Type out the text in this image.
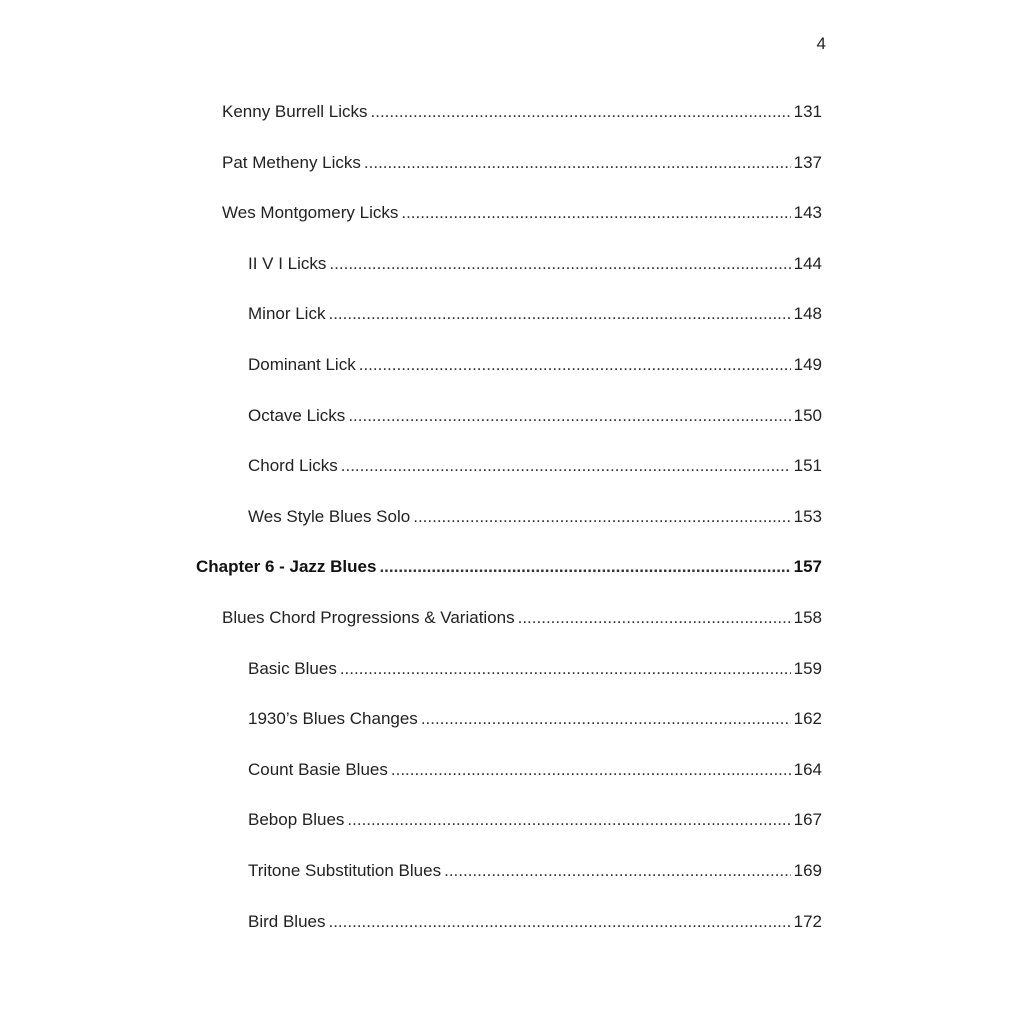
4
Kenny Burrell Licks .....	131
Pat Metheny Licks .....	137
Wes Montgomery Licks .....	143
II V I Licks .....	144
Minor Lick .....	148
Dominant Lick .....	149
Octave Licks .....	150
Chord Licks .....	151
Wes Style Blues Solo .....	153
Chapter 6 - Jazz Blues .....	157
Blues Chord Progressions & Variations .....	158
Basic Blues .....	159
1930’s Blues Changes .....	162
Count Basie Blues .....	164
Bebop Blues .....	167
Tritone Substitution Blues .....	169
Bird Blues .....	172
